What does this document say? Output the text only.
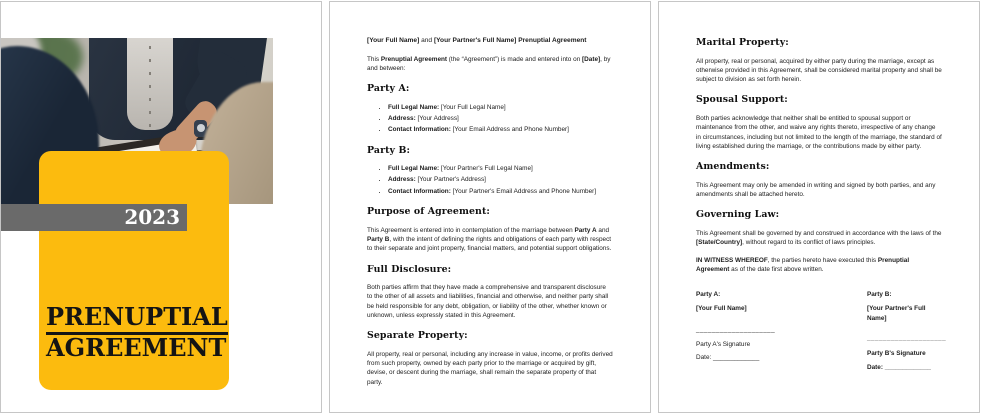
PRENUPTIAL
AGREEMENT
2023

[Your Full Name] and [Your Partner's Full Name] Prenuptial Agreement

This Prenuptial Agreement (the “Agreement”) is made and entered into on [Date], by and between:

Party A:
• Full Legal Name: [Your Full Legal Name]
• Address: [Your Address]
• Contact Information: [Your Email Address and Phone Number]
Party B:
• Full Legal Name: [Your Partner's Full Legal Name]
• Address: [Your Partner's Address]
• Contact Information: [Your Partner's Email Address and Phone Number]
Purpose of Agreement:

This Agreement is entered into in contemplation of the marriage between Party A and Party B, with the intent of defining the rights and obligations of each party with respect to their separate and joint property, financial matters, and potential support obligations.

Full Disclosure:

Both parties affirm that they have made a comprehensive and transparent disclosure to the other of all assets and liabilities, financial and otherwise, and neither party shall be held responsible for any debt, obligation, or liability of the other, whether known or unknown, unless expressly stated in this Agreement.

Separate Property:

All property, real or personal, including any increase in value, income, or profits derived from such property, owned by each party prior to the marriage or acquired by gift, devise, or descent during the marriage, shall remain the separate property of that party.

Marital Property:

All property, real or personal, acquired by either party during the marriage, except as otherwise provided in this Agreement, shall be considered marital property and shall be subject to division as set forth herein.

Spousal Support:

Both parties acknowledge that neither shall be entitled to spousal support or maintenance from the other, and waive any rights thereto, irrespective of any change in circumstances, including but not limited to the length of the marriage, the standard of living established during the marriage, or the contributions made by either party.

Amendments:

This Agreement may only be amended in writing and signed by both parties, and any amendments shall be attached hereto.

Governing Law:

This Agreement shall be governed by and construed in accordance with the laws of the [State/Country], without regard to its conflict of laws principles.

IN WITNESS WHEREOF, the parties hereto have executed this Prenuptial Agreement as of the date first above written.

Party A:

[Your Full Name]

____________________

Party A's Signature

Date: _____________

Party B:

[Your Partner's Full Name]

____________________

Party B's Signature

Date: _____________
